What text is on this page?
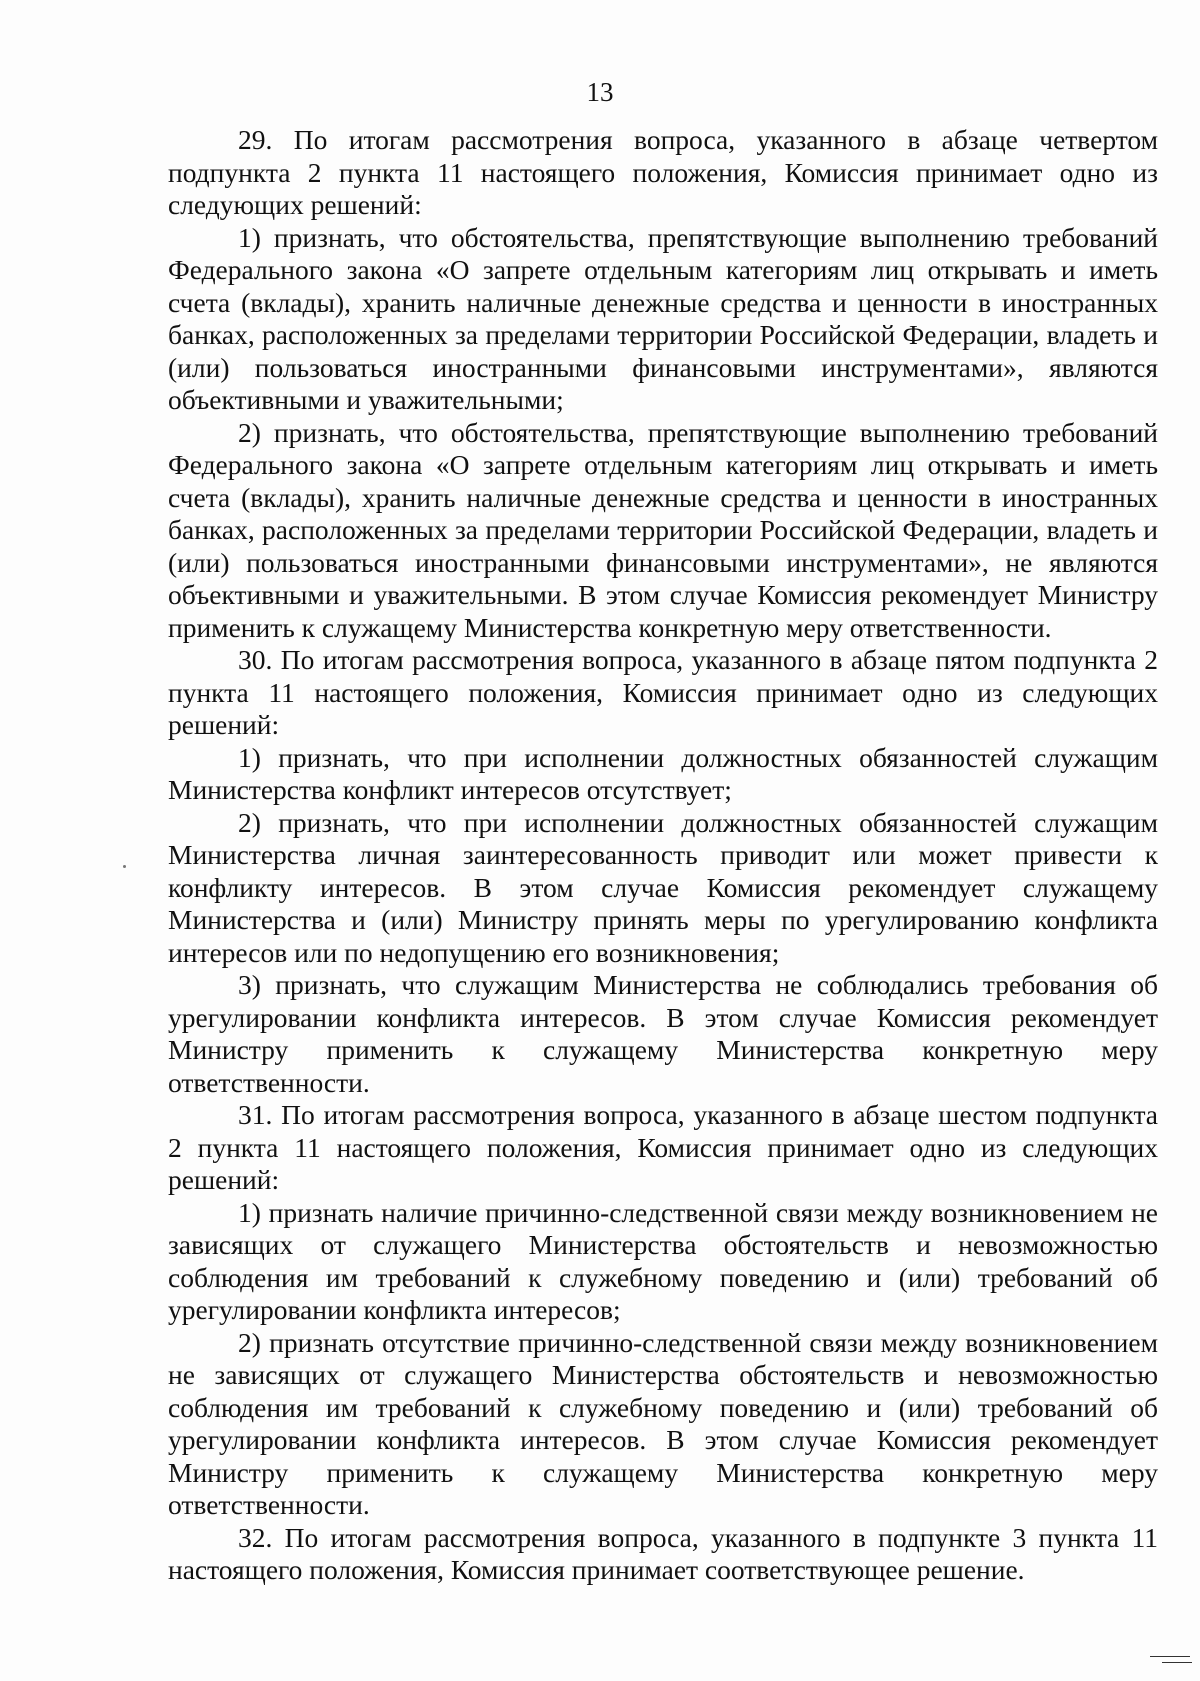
13

29. По итогам рассмотрения вопроса, указанного в абзаце четвертом подпункта 2 пункта 11 настоящего положения, Комиссия принимает одно из следующих решений:

1) признать, что обстоятельства, препятствующие выполнению требований Федерального закона «О запрете отдельным категориям лиц открывать и иметь счета (вклады), хранить наличные денежные средства и ценности в иностранных банках, расположенных за пределами территории Российской Федерации, владеть и (или) пользоваться иностранными финансовыми инструментами», являются объективными и уважительными;

2) признать, что обстоятельства, препятствующие выполнению требований Федерального закона «О запрете отдельным категориям лиц открывать и иметь счета (вклады), хранить наличные денежные средства и ценности в иностранных банках, расположенных за пределами территории Российской Федерации, владеть и (или) пользоваться иностранными финансовыми инструментами», не являются объективными и уважительными. В этом случае Комиссия рекомендует Министру применить к служащему Министерства конкретную меру ответственности.

30. По итогам рассмотрения вопроса, указанного в абзаце пятом подпункта 2 пункта 11 настоящего положения, Комиссия принимает одно из следующих решений:

1) признать, что при исполнении должностных обязанностей служащим Министерства конфликт интересов отсутствует;

2) признать, что при исполнении должностных обязанностей служащим Министерства личная заинтересованность приводит или может привести к конфликту интересов. В этом случае Комиссия рекомендует служащему Министерства и (или) Министру принять меры по урегулированию конфликта интересов или по недопущению его возникновения;

3) признать, что служащим Министерства не соблюдались требования об урегулировании конфликта интересов. В этом случае Комиссия рекомендует Министру применить к служащему Министерства конкретную меру ответственности.

31. По итогам рассмотрения вопроса, указанного в абзаце шестом подпункта 2 пункта 11 настоящего положения, Комиссия принимает одно из следующих решений:

1) признать наличие причинно-следственной связи между возникновением не зависящих от служащего Министерства обстоятельств и невозможностью соблюдения им требований к служебному поведению и (или) требований об урегулировании конфликта интересов;

2) признать отсутствие причинно-следственной связи между возникновением не зависящих от служащего Министерства обстоятельств и невозможностью соблюдения им требований к служебному поведению и (или) требований об урегулировании конфликта интересов. В этом случае Комиссия рекомендует Министру применить к служащему Министерства конкретную меру ответственности.

32. По итогам рассмотрения вопроса, указанного в подпункте 3 пункта 11 настоящего положения, Комиссия принимает соответствующее решение.
